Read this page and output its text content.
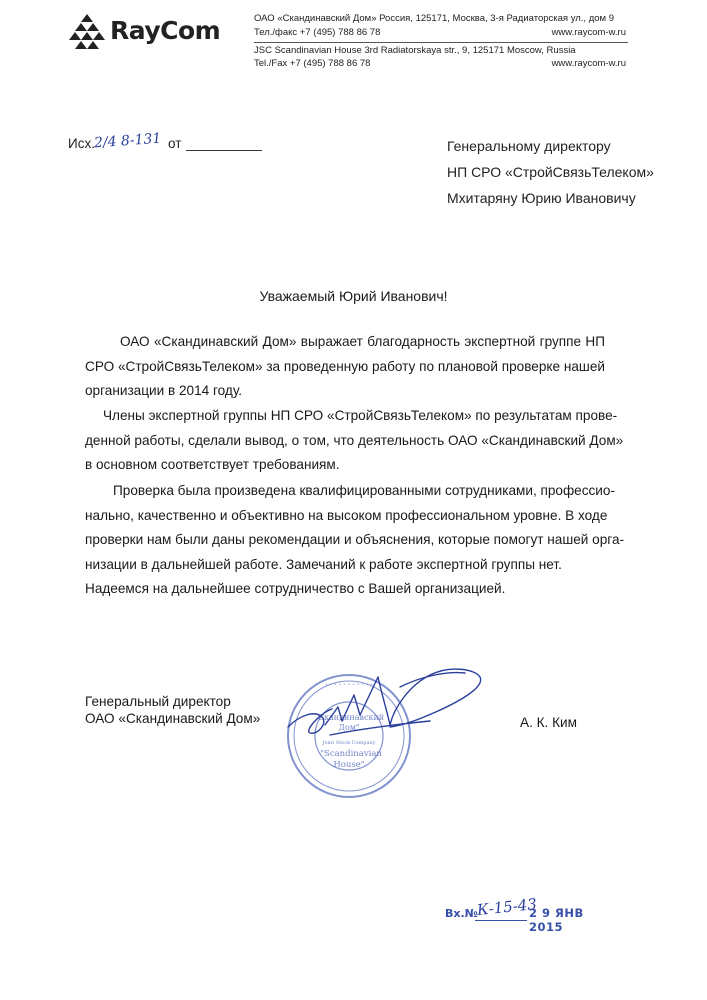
RayCom	ОАО «Скандинавский Дом» Россия, 125171, Москва, 3-я Радиаторская ул., дом 9
Тел./факс +7 (495) 788 86 78	www.raycom-w.ru
JSC Scandinavian House 3rd Radiatorskaya str., 9, 125171 Moscow, Russia
Tel./Fax +7 (495) 788 86 78	www.raycom-w.ru
Исх.	от
2/4 8-131	Генеральному директору
НП СРО «СтройСвязьТелеком»
Мхитаряну Юрию Ивановичу
Уважаемый Юрий Иванович!
ОАО «Скандинавский Дом» выражает благодарность экспертной группе НП
СРО «СтройСвязьТелеком» за проведенную работу по плановой проверке нашей
организации в 2014 году.
Члены экспертной группы НП СРО «СтройСвязьТелеком» по результатам прове-
денной работы, сделали вывод, о том, что деятельность ОАО «Скандинавский Дом»
в основном соответствует требованиям.
Проверка была произведена квалифицированными сотрудниками, профессио-
нально, качественно и объективно на высоком профессиональном уровне. В ходе
проверки нам были даны рекомендации и объяснения, которые помогут нашей орга-
низации в дальнейшей работе. Замечаний к работе экспертной группы нет.
Надеемся на дальнейшее сотрудничество с Вашей организацией.
Генеральный директор
ОАО «Скандинавский Дом»	А. К. Ким
• • • • • • • • • • •
Скандинавский
Дом"
Joint Stock Company
"Scandinavian
House"
Вх.№
К-15-43
2 9 ЯНВ 2015
